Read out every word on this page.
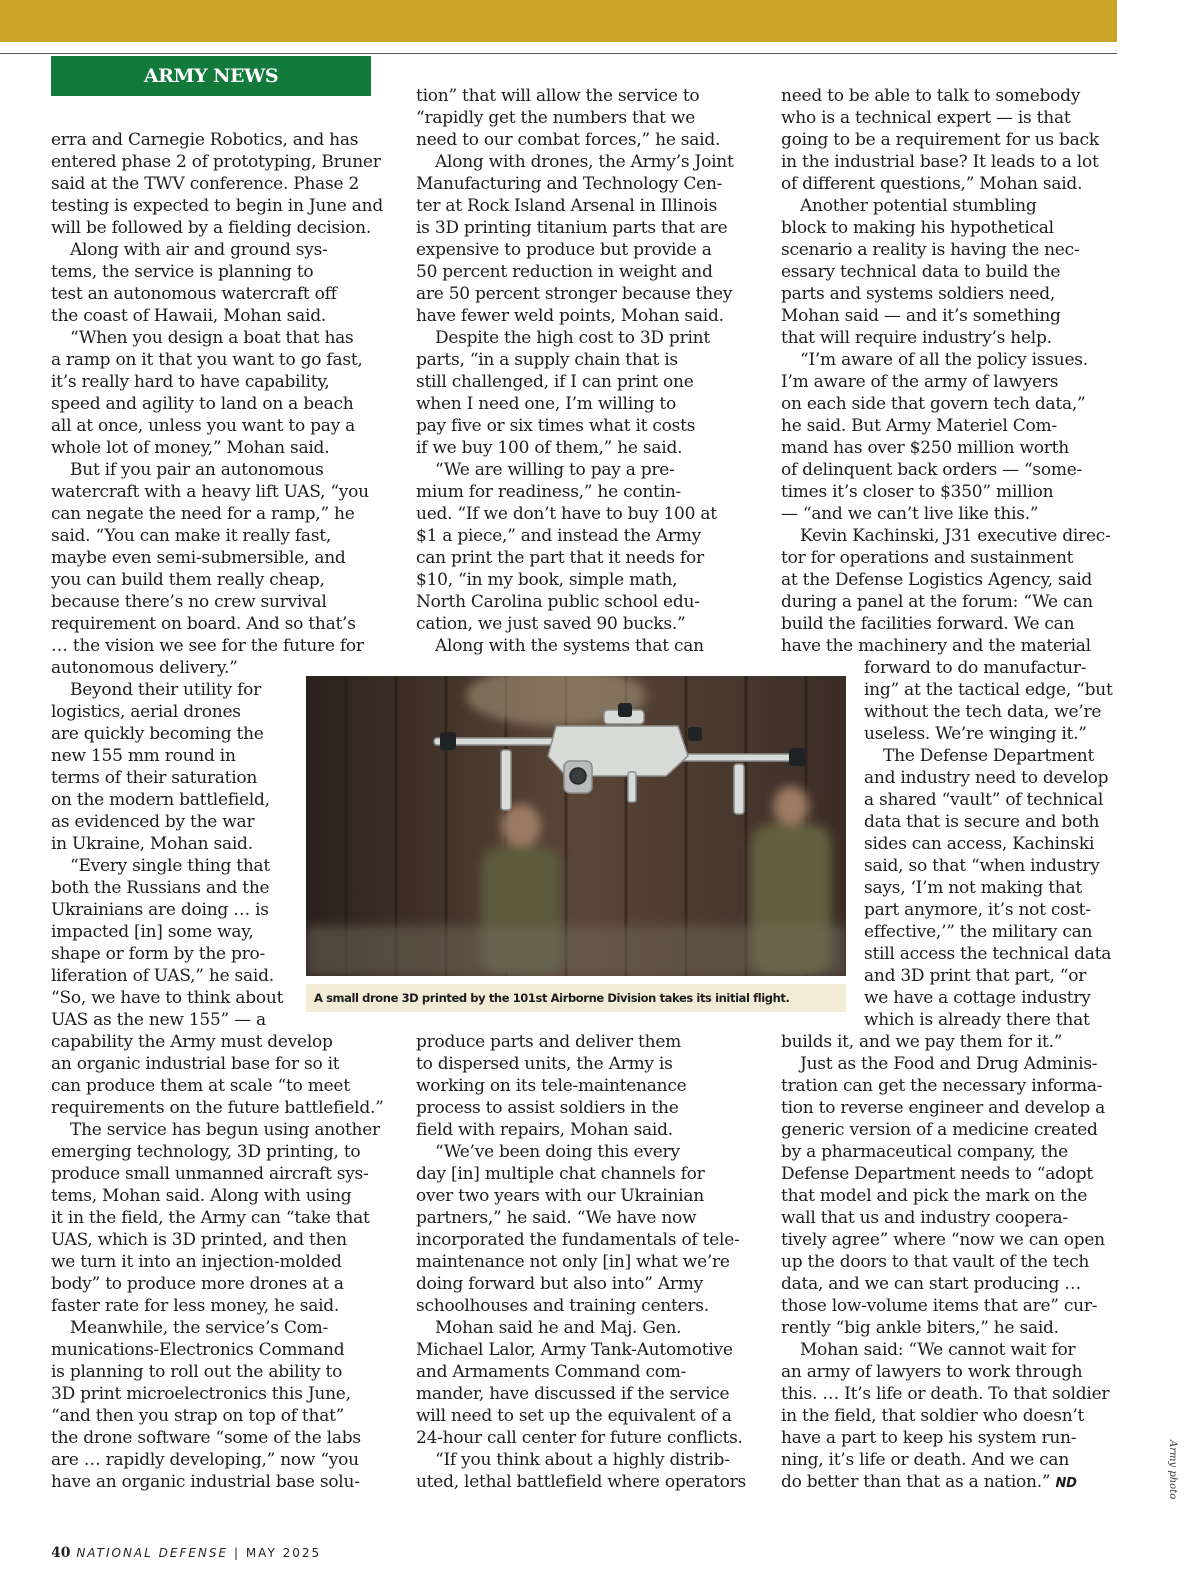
ARMY NEWS

erra and Carnegie Robotics, and has

entered phase 2 of prototyping, Bruner

said at the TWV conference. Phase 2

testing is expected to begin in June and

will be followed by a fielding decision.

Along with air and ground sys-

tems, the service is planning to

test an autonomous watercraft off

the coast of Hawaii, Mohan said.

“When you design a boat that has

a ramp on it that you want to go fast,

it’s really hard to have capability,

speed and agility to land on a beach

all at once, unless you want to pay a

whole lot of money,” Mohan said.

But if you pair an autonomous

watercraft with a heavy lift UAS, “you

can negate the need for a ramp,” he

said. “You can make it really fast,

maybe even semi-submersible, and

you can build them really cheap,

because there’s no crew survival

requirement on board. And so that’s

… the vision we see for the future for

autonomous delivery.”

Beyond their utility for

logistics, aerial drones

are quickly becoming the

new 155 mm round in

terms of their saturation

on the modern battlefield,

as evidenced by the war

in Ukraine, Mohan said.

“Every single thing that

both the Russians and the

Ukrainians are doing … is

impacted [in] some way,

shape or form by the pro-

liferation of UAS,” he said.

“So, we have to think about

UAS as the new 155” — a

capability the Army must develop

an organic industrial base for so it

can produce them at scale “to meet

requirements on the future battlefield.”

The service has begun using another

emerging technology, 3D printing, to

produce small unmanned aircraft sys-

tems, Mohan said. Along with using

it in the field, the Army can “take that

UAS, which is 3D printed, and then

we turn it into an injection-molded

body” to produce more drones at a

faster rate for less money, he said.

Meanwhile, the service’s Com-

munications-Electronics Command

is planning to roll out the ability to

3D print microelectronics this June,

“and then you strap on top of that”

the drone software “some of the labs

are … rapidly developing,” now “you

have an organic industrial base solu-

tion” that will allow the service to

“rapidly get the numbers that we

need to our combat forces,” he said.

Along with drones, the Army’s Joint

Manufacturing and Technology Cen-

ter at Rock Island Arsenal in Illinois

is 3D printing titanium parts that are

expensive to produce but provide a

50 percent reduction in weight and

are 50 percent stronger because they

have fewer weld points, Mohan said.

Despite the high cost to 3D print

parts, “in a supply chain that is

still challenged, if I can print one

when I need one, I’m willing to

pay five or six times what it costs

if we buy 100 of them,” he said.

“We are willing to pay a pre-

mium for readiness,” he contin-

ued. “If we don’t have to buy 100 at

$1 a piece,” and instead the Army

can print the part that it needs for

$10, “in my book, simple math,

North Carolina public school edu-

cation, we just saved 90 bucks.”

Along with the systems that can

produce parts and deliver them

to dispersed units, the Army is

working on its tele-maintenance

process to assist soldiers in the

field with repairs, Mohan said.

“We’ve been doing this every

day [in] multiple chat channels for

over two years with our Ukrainian

partners,” he said. “We have now

incorporated the fundamentals of tele-

maintenance not only [in] what we’re

doing forward but also into” Army

schoolhouses and training centers.

Mohan said he and Maj. Gen.

Michael Lalor, Army Tank-Automotive

and Armaments Command com-

mander, have discussed if the service

will need to set up the equivalent of a

24-hour call center for future conflicts.

“If you think about a highly distrib-

uted, lethal battlefield where operators

need to be able to talk to somebody

who is a technical expert — is that

going to be a requirement for us back

in the industrial base? It leads to a lot

of different questions,” Mohan said.

Another potential stumbling

block to making his hypothetical

scenario a reality is having the nec-

essary technical data to build the

parts and systems soldiers need,

Mohan said — and it’s something

that will require industry’s help.

“I’m aware of all the policy issues.

I’m aware of the army of lawyers

on each side that govern tech data,”

he said. But Army Materiel Com-

mand has over $250 million worth

of delinquent back orders — “some-

times it’s closer to $350” million

— “and we can’t live like this.”

Kevin Kachinski, J31 executive direc-

tor for operations and sustainment

at the Defense Logistics Agency, said

during a panel at the forum: “We can

build the facilities forward. We can

have the machinery and the material

forward to do manufactur-

ing” at the tactical edge, “but

without the tech data, we’re

useless. We’re winging it.”

The Defense Department

and industry need to develop

a shared “vault” of technical

data that is secure and both

sides can access, Kachinski

said, so that “when industry

says, ‘I’m not making that

part anymore, it’s not cost-

effective,’” the military can

still access the technical data

and 3D print that part, “or

we have a cottage industry

which is already there that

builds it, and we pay them for it.”

Just as the Food and Drug Adminis-

tration can get the necessary informa-

tion to reverse engineer and develop a

generic version of a medicine created

by a pharmaceutical company, the

Defense Department needs to “adopt

that model and pick the mark on the

wall that us and industry coopera-

tively agree” where “now we can open

up the doors to that vault of the tech

data, and we can start producing …

those low-volume items that are” cur-

rently “big ankle biters,” he said.

Mohan said: “We cannot wait for

an army of lawyers to work through

this. … It’s life or death. To that soldier

in the field, that soldier who doesn’t

have a part to keep his system run-

ning, it’s life or death. And we can

do better than that as a nation.” ND

A small drone 3D printed by the 101st Airborne Division takes its initial flight.
Army photo
40 NATIONAL DEFENSE | MAY 2025
